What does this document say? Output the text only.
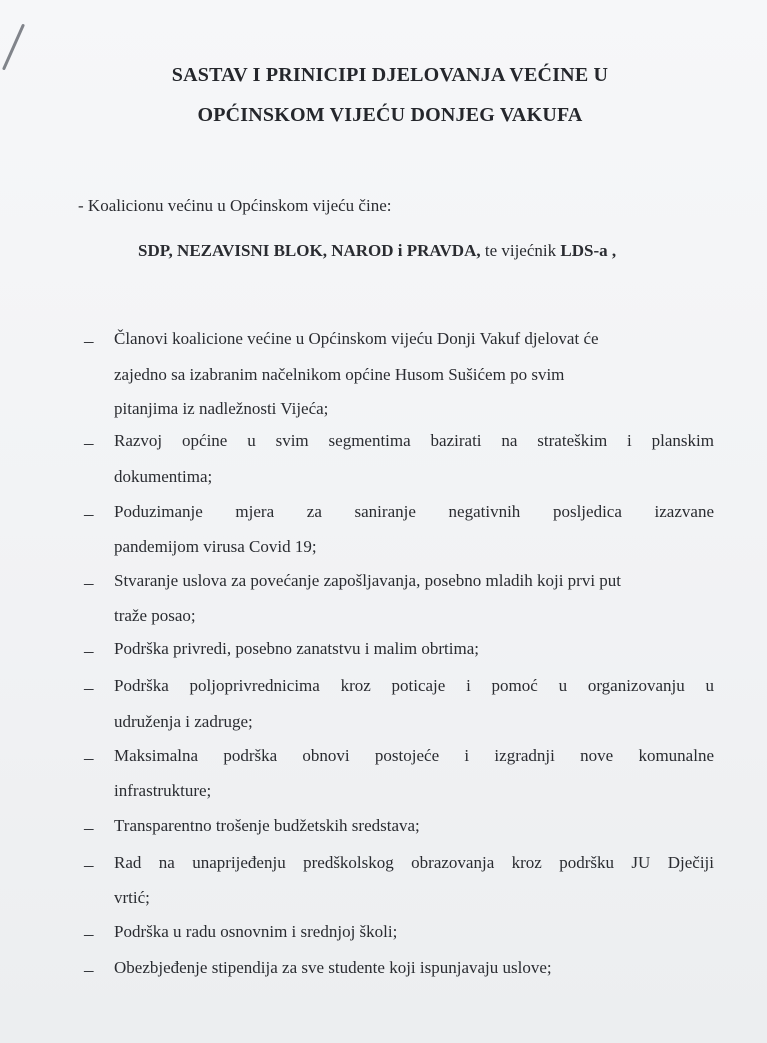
SASTAV I PRINICIPI DJELOVANJA VEĆINE U
OPĆINSKOM VIJEĆU DONJEG VAKUFA
- Koalicionu većinu u Općinskom vijeću čine:
SDP, NEZAVISNI BLOK, NAROD i PRAVDA, te vijećnik LDS-a ,
– Članovi koalicione većine u Općinskom vijeću Donji Vakuf djelovat će
zajedno sa izabranim načelnikom općine Husom Sušićem po svim
pitanjima iz nadležnosti Vijeća;
– Razvoj općine u svim segmentima bazirati na strateškim i planskim
dokumentima;
– Poduzimanje mjera za saniranje negativnih posljedica izazvane
pandemijom virusa Covid 19;
– Stvaranje uslova za povećanje zapošljavanja, posebno mladih koji prvi put
traže posao;
– Podrška privredi, posebno zanatstvu i malim obrtima;
– Podrška poljoprivrednicima kroz poticaje i pomoć u organizovanju u
udruženja i zadruge;
– Maksimalna podrška obnovi postojeće i izgradnji nove komunalne
infrastrukture;
– Transparentno trošenje budžetskih sredstava;
– Rad na unapriјeđenju predškolskog obrazovanja kroz podršku JU Dječiji
vrtić;
– Podrška u radu osnovnim i srednjoj školi;
– Obezbjeđenje stipendija za sve studente koji ispunjavaju uslove;
